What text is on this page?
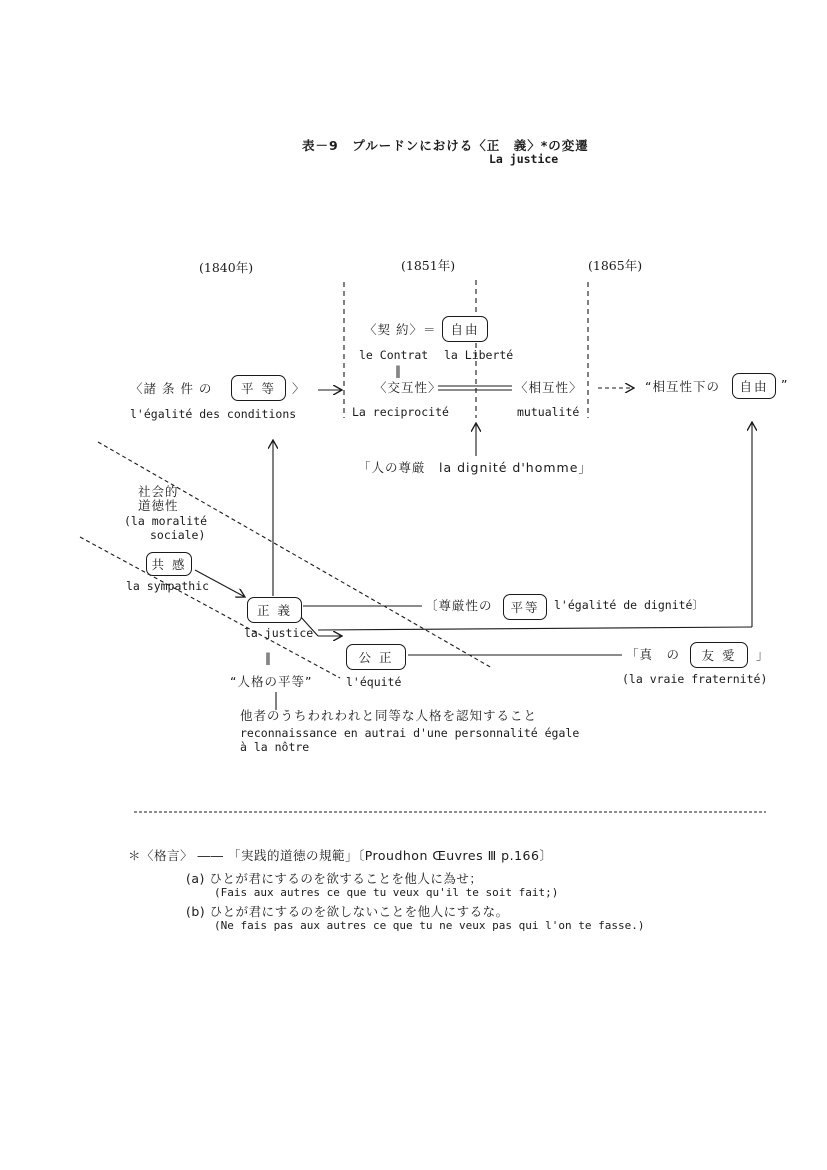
表－9　プルードンにおける〈正　義〉*の変遷
La justice
(1840年)	(1851年)	(1865年)
〈契 約〉＝	自由
le Contrat la Liberté
‖
〈諸 条 件 の	平 等	〉
l'égalité des conditions
〈交互性〉
La reciprocité
〈相互性〉
mutualité
“相互性下の	自由	”
「人の尊厳　la dignité d'homme」
社会的
道徳性
(la moralité
sociale)
共 感
la sympathic
正 義
la justice
〔尊厳性の	平等	l'égalité de dignité〕
公 正
l'équité
「真　の	友 愛	」
(la vraie fraternité)
‖
“人格の平等”
他者のうちわれわれと同等な人格を認知すること
reconnaissance en autrai d'une personnalité égale
à la nôtre
＊〈格言〉 ―― 「実践的道徳の規範」〔Proudhon Œuvres Ⅲ p.166〕
(a) ひとが君にするのを欲することを他人に為せ；
(Fais aux autres ce que tu veux qu'il te soit fait;)
(b) ひとが君にするのを欲しないことを他人にするな。
(Ne fais pas aux autres ce que tu ne veux pas qui l'on te fasse.)
